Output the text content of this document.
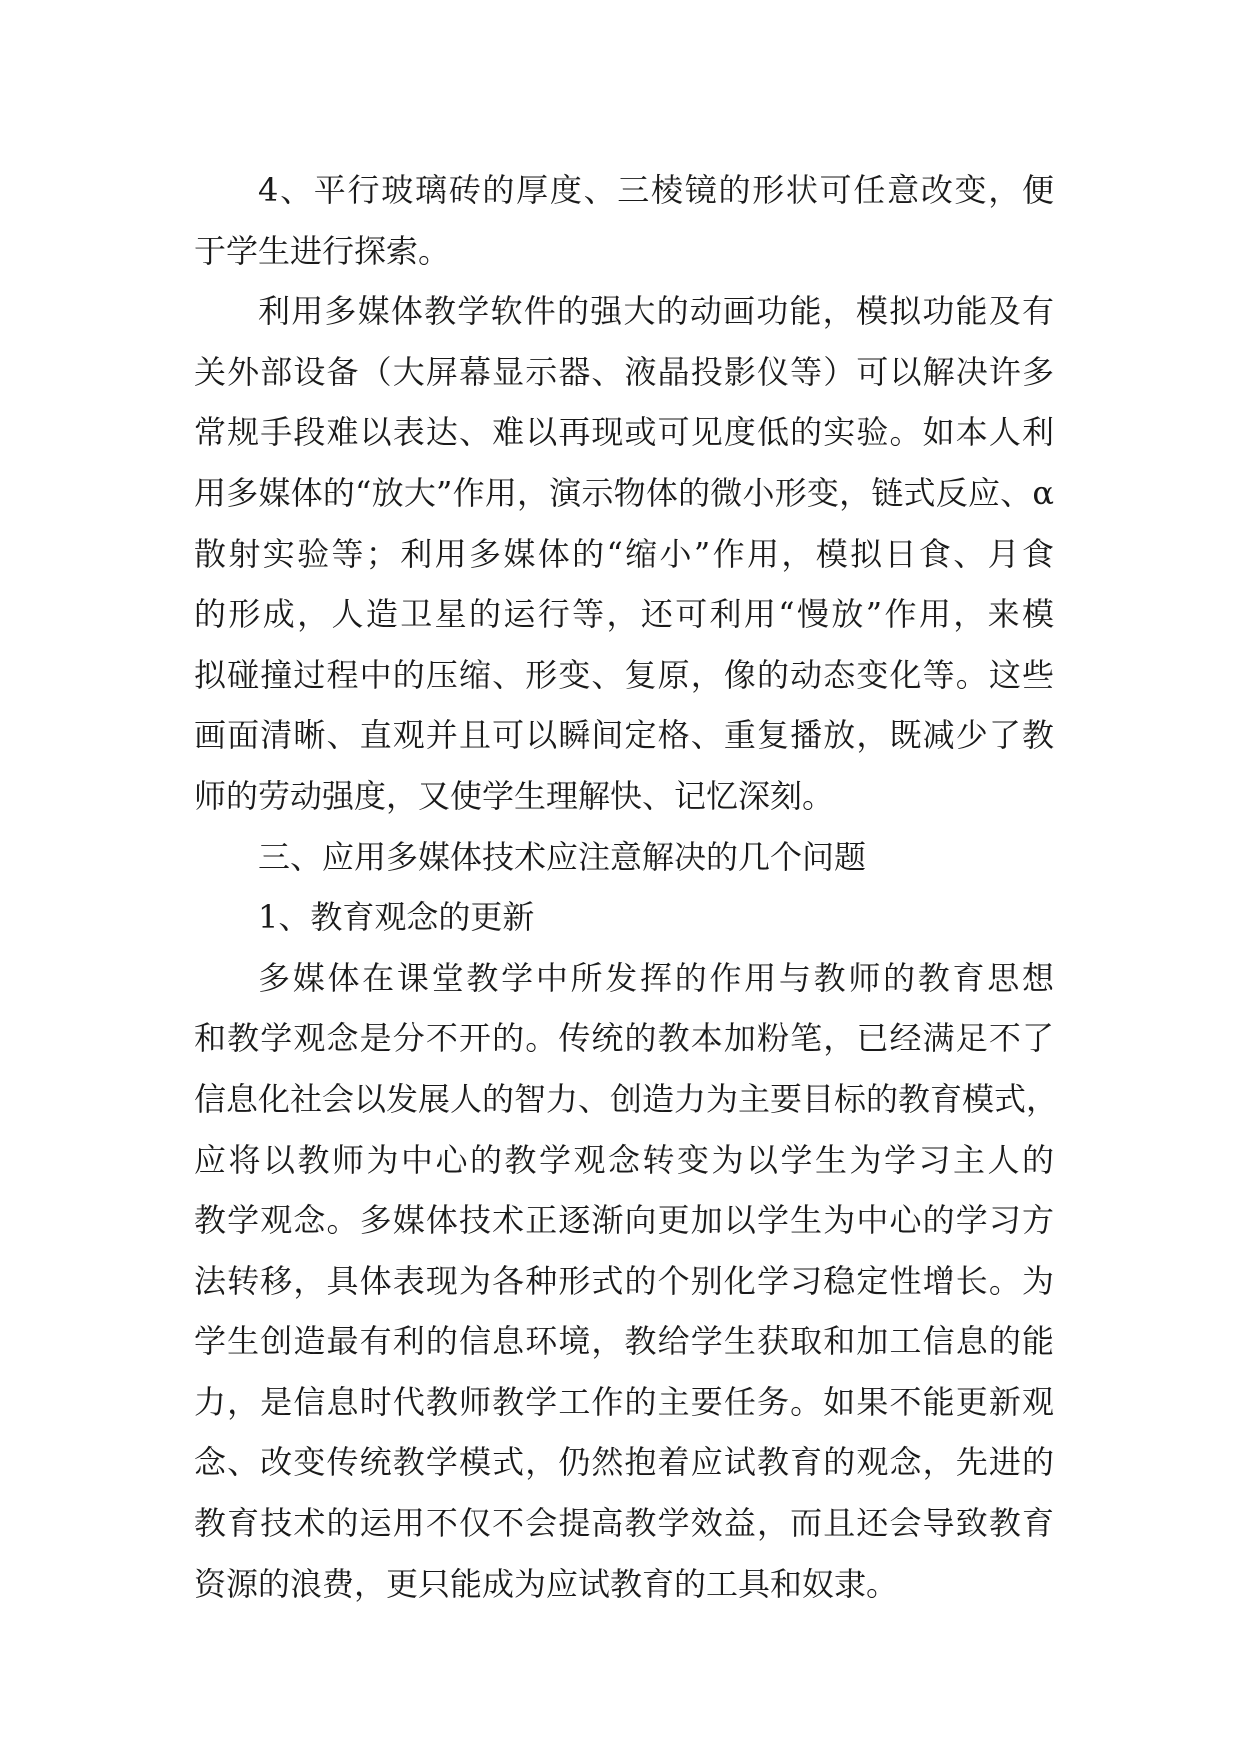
4、平行玻璃砖的厚度、三棱镜的形状可任意改变，便
于学生进行探索。
利用多媒体教学软件的强大的动画功能，模拟功能及有
关外部设备（大屏幕显示器、液晶投影仪等）可以解决许多
常规手段难以表达、难以再现或可见度低的实验。如本人利
用多媒体的“放大”作用，演示物体的微小形变，链式反应、α
散射实验等；利用多媒体的“缩小”作用，模拟日食、月食
的形成，人造卫星的运行等，还可利用“慢放”作用，来模
拟碰撞过程中的压缩、形变、复原，像的动态变化等。这些
画面清晰、直观并且可以瞬间定格、重复播放，既减少了教
师的劳动强度，又使学生理解快、记忆深刻。
三、应用多媒体技术应注意解决的几个问题
1、教育观念的更新
多媒体在课堂教学中所发挥的作用与教师的教育思想
和教学观念是分不开的。传统的教本加粉笔，已经满足不了
信息化社会以发展人的智力、创造力为主要目标的教育模式，
应将以教师为中心的教学观念转变为以学生为学习主人的
教学观念。多媒体技术正逐渐向更加以学生为中心的学习方
法转移，具体表现为各种形式的个别化学习稳定性增长。为
学生创造最有利的信息环境，教给学生获取和加工信息的能
力，是信息时代教师教学工作的主要任务。如果不能更新观
念、改变传统教学模式，仍然抱着应试教育的观念，先进的
教育技术的运用不仅不会提高教学效益，而且还会导致教育
资源的浪费，更只能成为应试教育的工具和奴隶。
